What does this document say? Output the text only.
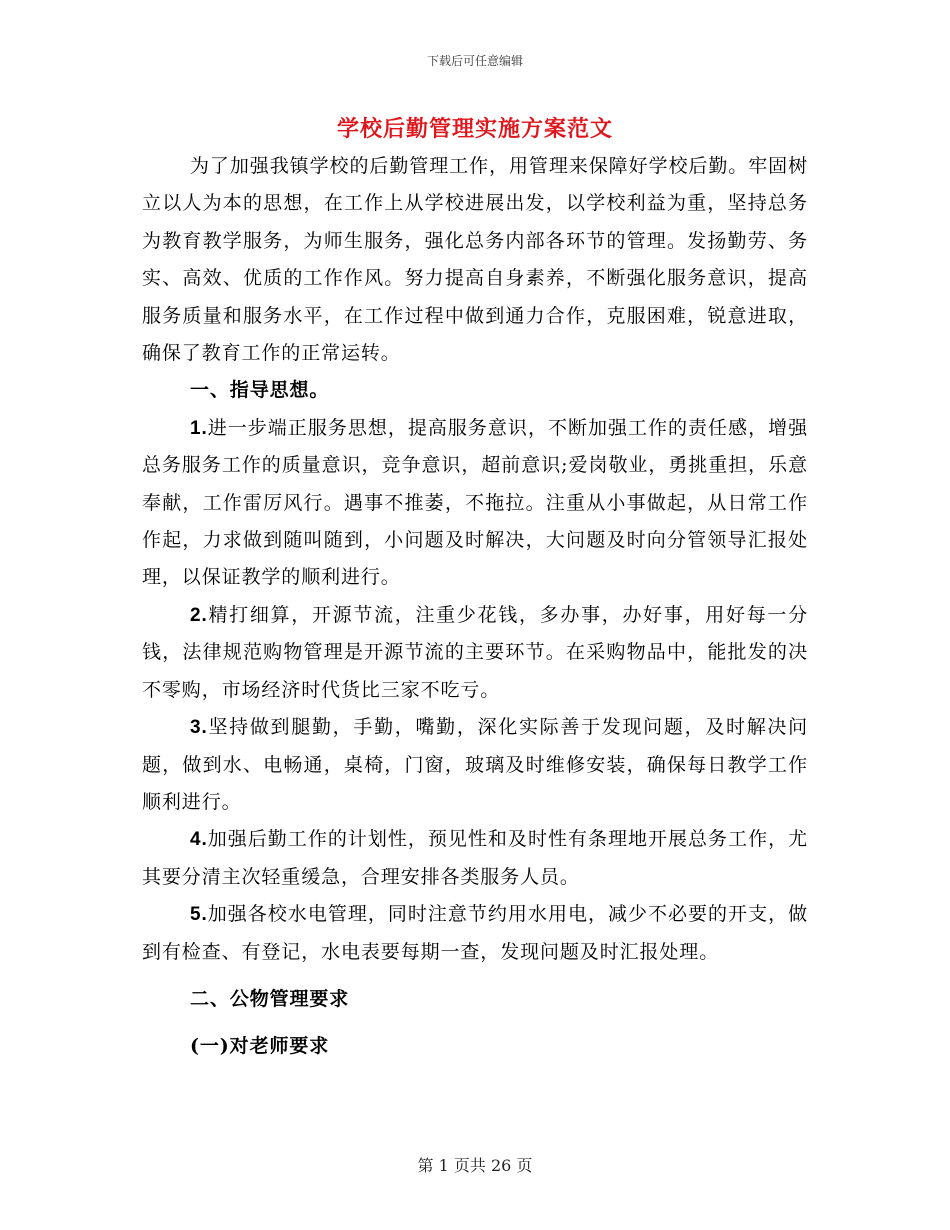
下载后可任意编辑
学校后勤管理实施方案范文

为了加强我镇学校的后勤管理工作，用管理来保障好学校后勤。牢固树立以人为本的思想，在工作上从学校进展出发，以学校利益为重，坚持总务为教育教学服务，为师生服务，强化总务内部各环节的管理。发扬勤劳、务实、高效、优质的工作作风。努力提高自身素养，不断强化服务意识，提高服务质量和服务水平，在工作过程中做到通力合作，克服困难，锐意进取，确保了教育工作的正常运转。

一、指导思想。

1.进一步端正服务思想，提高服务意识，不断加强工作的责任感，增强总务服务工作的质量意识，竞争意识，超前意识;爱岗敬业，勇挑重担，乐意奉献，工作雷厉风行。遇事不推萎，不拖拉。注重从小事做起，从日常工作作起，力求做到随叫随到，小问题及时解决，大问题及时向分管领导汇报处理，以保证教学的顺利进行。

2.精打细算，开源节流，注重少花钱，多办事，办好事，用好每一分钱，法律规范购物管理是开源节流的主要环节。在采购物品中，能批发的决不零购，市场经济时代货比三家不吃亏。

3.坚持做到腿勤，手勤，嘴勤，深化实际善于发现问题，及时解决问题，做到水、电畅通，桌椅，门窗，玻璃及时维修安装，确保每日教学工作顺利进行。

4.加强后勤工作的计划性，预见性和及时性有条理地开展总务工作，尤其要分清主次轻重缓急，合理安排各类服务人员。

5.加强各校水电管理，同时注意节约用水用电，减少不必要的开支，做到有检查、有登记，水电表要每期一查，发现问题及时汇报处理。

二、公物管理要求

(一)对老师要求

第 1 页共 26 页
